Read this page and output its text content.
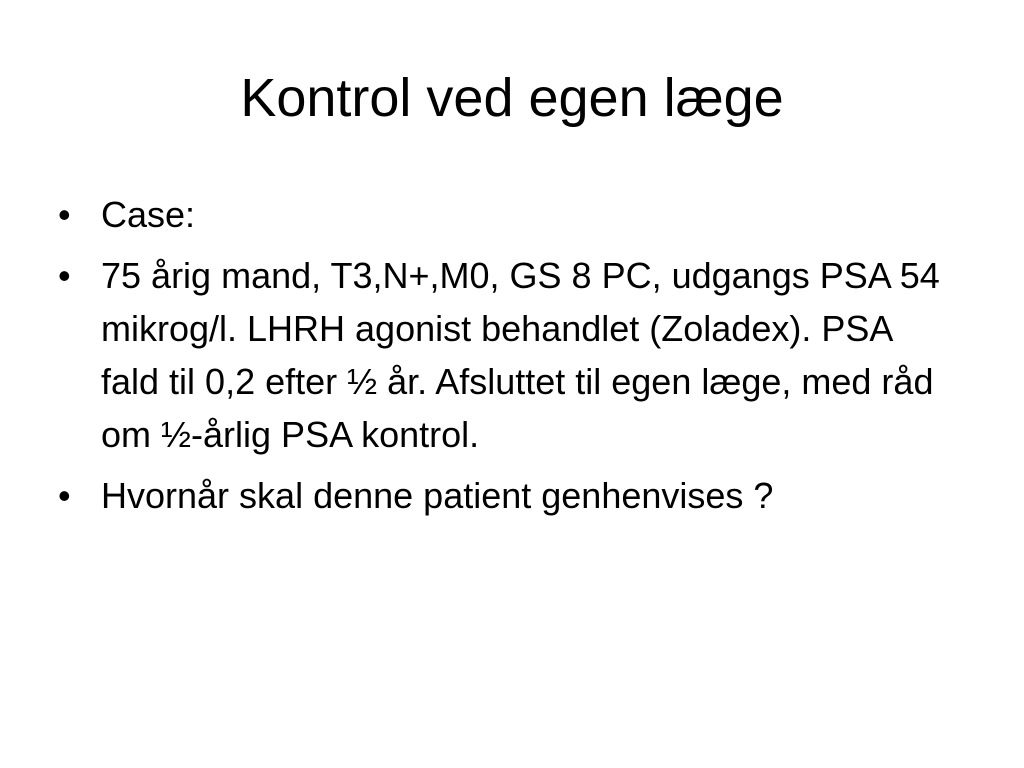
Kontrol ved egen læge
• Case:
• 75 årig mand, T3,N+,M0, GS 8 PC, udgangs PSA 54 mikrog/l. LHRH agonist behandlet (Zoladex). PSA fald til 0,2 efter ½ år. Afsluttet til egen læge, med råd om ½-årlig PSA kontrol.
• Hvornår skal denne patient genhenvises ?
